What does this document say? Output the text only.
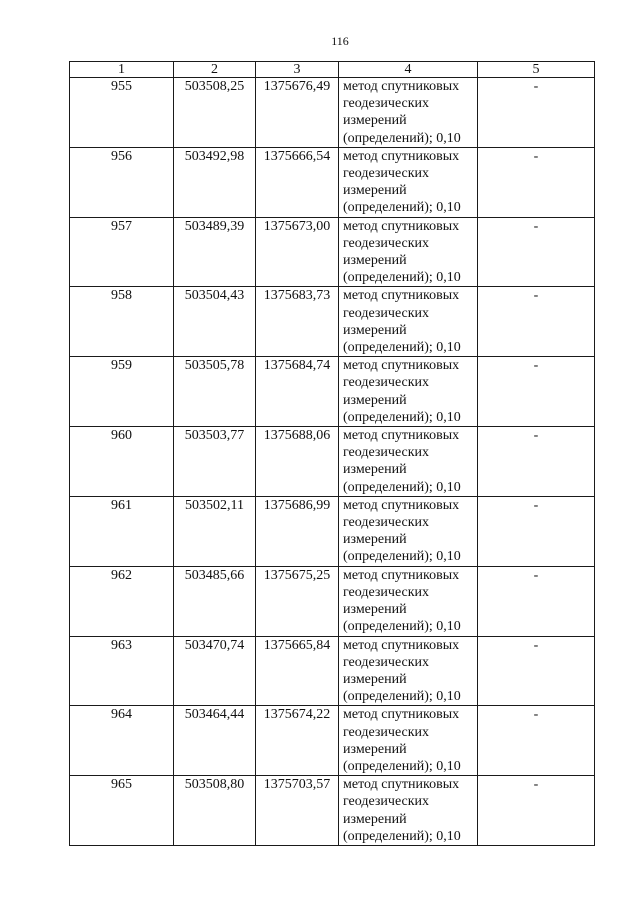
116
1	2	3	4	5
955	503508,25	1375676,49	метод спутниковых
геодезических
измерений
(определений); 0,10	-
956	503492,98	1375666,54	метод спутниковых
геодезических
измерений
(определений); 0,10	-
957	503489,39	1375673,00	метод спутниковых
геодезических
измерений
(определений); 0,10	-
958	503504,43	1375683,73	метод спутниковых
геодезических
измерений
(определений); 0,10	-
959	503505,78	1375684,74	метод спутниковых
геодезических
измерений
(определений); 0,10	-
960	503503,77	1375688,06	метод спутниковых
геодезических
измерений
(определений); 0,10	-
961	503502,11	1375686,99	метод спутниковых
геодезических
измерений
(определений); 0,10	-
962	503485,66	1375675,25	метод спутниковых
геодезических
измерений
(определений); 0,10	-
963	503470,74	1375665,84	метод спутниковых
геодезических
измерений
(определений); 0,10	-
964	503464,44	1375674,22	метод спутниковых
геодезических
измерений
(определений); 0,10	-
965	503508,80	1375703,57	метод спутниковых
геодезических
измерений
(определений); 0,10	-
